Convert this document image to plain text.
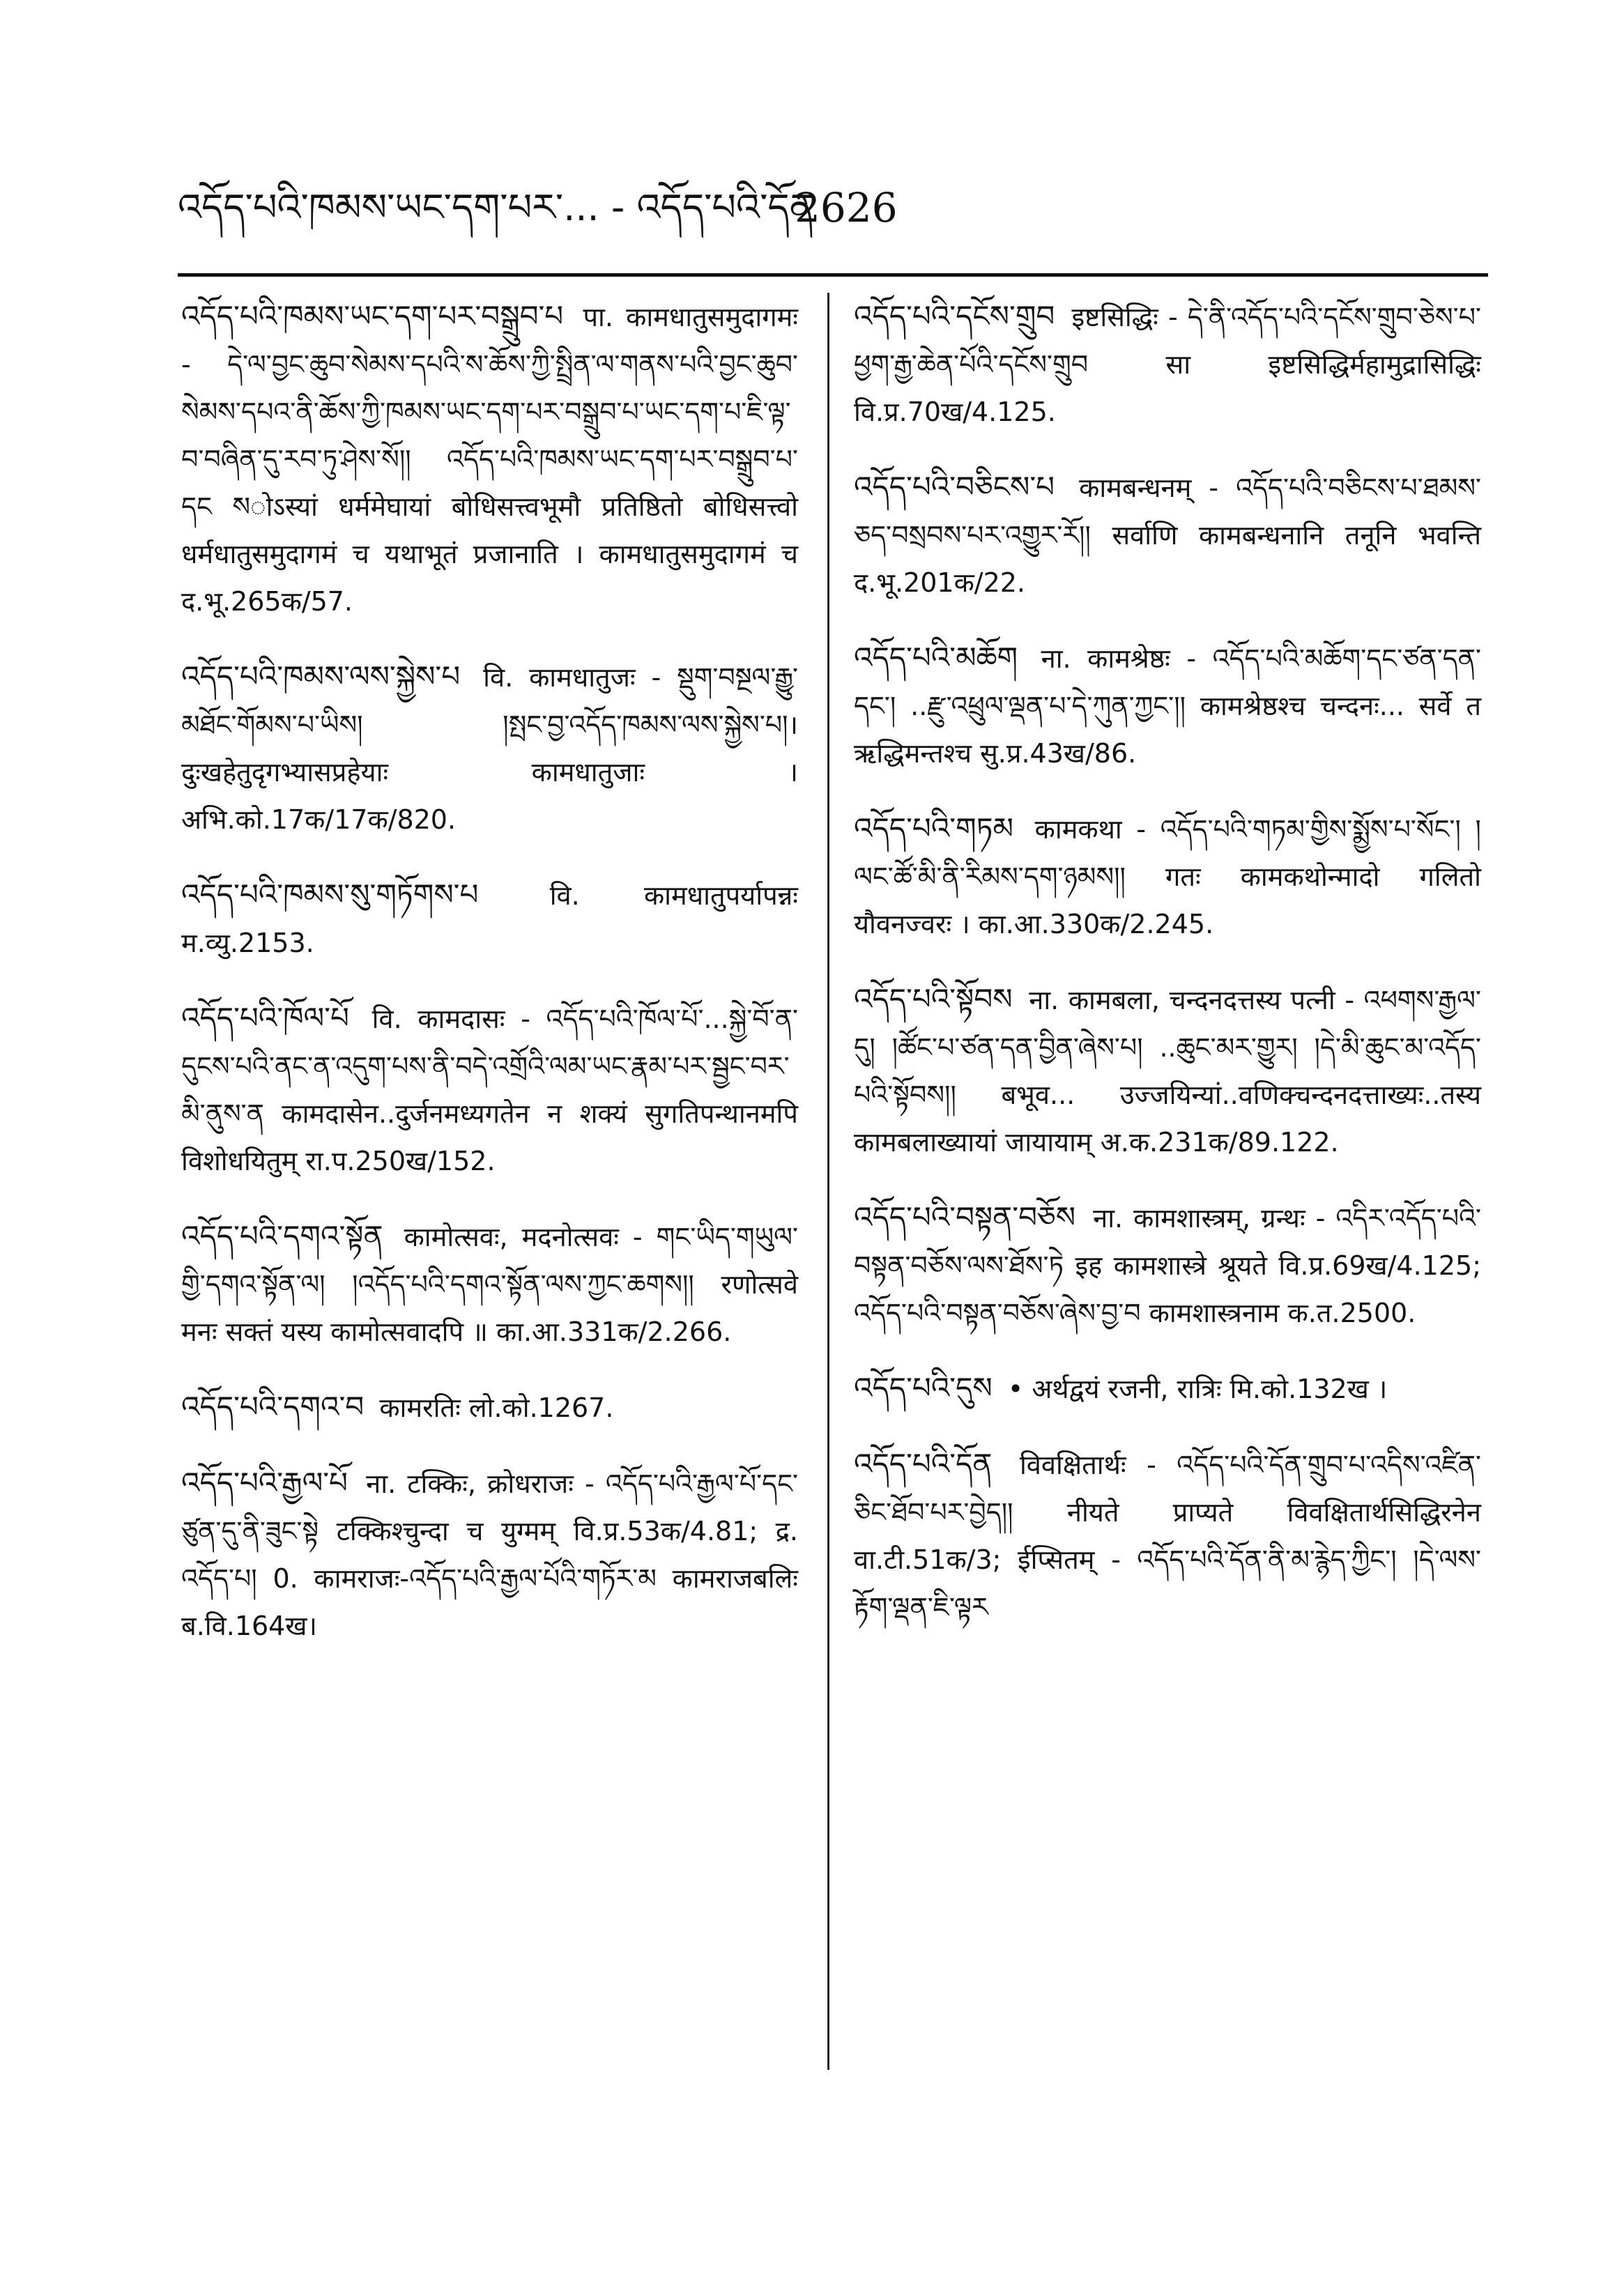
འདོད་པའི་ཁམས་ཡང་དག་པར་... - འདོད་པའི་དོན
2626
འདོད་པའི་ཁམས་ཡང་དག་པར་བསྒྲུབ་པ पा. कामधातुसमुदागमः - དེ་ལ་བྱང་ཆུབ་སེམས་དཔའི་ས་ཆོས་ཀྱི་སྤྲིན་ལ་གནས་པའི་བྱང་ཆུབ་སེམས་དཔའ་ནི་ཆོས་ཀྱི་ཁམས་ཡང་དག་པར་བསྒྲུབ་པ་ཡང་དག་པ་ཇི་ལྟ་བ་བཞིན་དུ་རབ་ཏུ་ཤེས་སོ།། འདོད་པའི་ཁམས་ཡང་དག་པར་བསྒྲུབ་པ་དང སोऽस्यां धर्ममेघायां बोधिसत्त्वभूमौ प्रतिष्ठितो बोधिसत्त्वो धर्मधातुसमुदागमं च यथाभूतं प्रजानाति । कामधातुसमुदागमं च द.भू.265क/57.
འདོད་པའི་ཁམས་ལས་སྐྱེས་པ वि. कामधातुजः - སྡུག་བསྔལ་རྒྱུ་མཐོང་གོམས་པ་ཡིས། །སྤང་བྱ་འདོད་ཁམས་ལས་སྐྱེས་པ།। दुःखहेतुदृगभ्यासप्रहेयाः कामधातुजाः । अभि.को.17क/17क/820.
འདོད་པའི་ཁམས་སུ་གཏོགས་པ	वि. कामधातुपर्यापन्नः म.व्यु.2153.
འདོད་པའི་ཁོལ་པོ वि. कामदासः - འདོད་པའི་ཁོལ་པོ་...སྐྱེ་བོ་ན་དུངས་པའི་ནང་ན་འདུག་པས་ནི་བདེ་འགྲོའི་ལམ་ཡང་རྣམ་པར་སྦྱང་བར་མི་ནུས་ན कामदासेन..दुर्जनमध्यगतेन न शक्यं सुगतिपन्थानमपि विशोधयितुम् रा.प.250ख/152.
འདོད་པའི་དགའ་སྟོན कामोत्सवः, मदनोत्सवः - གང་ཡིད་གཡུལ་གྱི་དགའ་སྟོན་ལ། །འདོད་པའི་དགའ་སྟོན་ལས་ཀྱང་ཆགས།། रणोत्सवे मनः सक्तं यस्य कामोत्सवादपि ॥ का.आ.331क/2.266.
འདོད་པའི་དགའ་བ कामरतिः लो.को.1267.
འདོད་པའི་རྒྱལ་པོ ना. टक्किः, क्रोधराजः - འདོད་པའི་རྒྱལ་པོ་དང་ཙུན་དུ་ནི་ཟུང་སྟེ टक्किश्चुन्दा च युग्मम् वि.प्र.53क/4.81; द्र. འདོད་པ། 0. कामराजः-འདོད་པའི་རྒྱལ་པོའི་གཏོར་མ कामराजबलिः ब.वि.164ख।
འདོད་པའི་དངོས་གྲུབ इष्टसिद्धिः - དེ་ནི་འདོད་པའི་དངོས་གྲུབ་ཅེས་པ་ཕྱག་རྒྱ་ཆེན་པོའི་དངོས་གྲུབ सा इष्टसिद्धिर्महामुद्रासिद्धिः वि.प्र.70ख/4.125.
འདོད་པའི་བཅིངས་པ कामबन्धनम् - འདོད་པའི་བཅིངས་པ་ཐམས་ཅད་བསྲབས་པར་འགྱུར་རོ།། सर्वाणि कामबन्धनानि तनूनि भवन्ति द.भू.201क/22.
འདོད་པའི་མཆོག ना. कामश्रेष्ठः - འདོད་པའི་མཆོག་དང་ཙན་དན་དང་། ..རྫུ་འཕྲུལ་ལྡན་པ་དེ་ཀུན་ཀྱང་།། कामश्रेष्ठश्च चन्दनः... सर्वे त ऋद्धिमन्तश्च सु.प्र.43ख/86.
འདོད་པའི་གཏམ कामकथा - འདོད་པའི་གཏམ་གྱིས་སྨྱོས་པ་སོང་། །ལང་ཚོ་མི་ནི་རིམས་དག་ཉམས།། गतः कामकथोन्मादो गलितो यौवनज्वरः । का.आ.330क/2.245.
འདོད་པའི་སྟོབས ना. कामबला, चन्दनदत्तस्य पत्नी - འཕགས་རྒྱལ་དུ། །ཚོང་པ་ཙན་དན་བྱིན་ཞེས་པ། ..ཆུང་མར་གྱུར། །དེ་མི་ཆུང་མ་འདོད་པའི་སྟོབས།། बभूव... उज्जयिन्यां..वणिक्चन्दनदत्ताख्यः..तस्य कामबलाख्यायां जायायाम् अ.क.231क/89.122.
འདོད་པའི་བསྟན་བཅོས ना. कामशास्त्रम्, ग्रन्थः - འདིར་འདོད་པའི་བསྟན་བཅོས་ལས་ཐོས་ཏེ इह कामशास्त्रे श्रूयते वि.प्र.69ख/4.125; འདོད་པའི་བསྟན་བཅོས་ཞེས་བྱ་བ कामशास्त्रनाम क.त.2500.
འདོད་པའི་དུས • अर्थद्वयं रजनी, रात्रिः मि.को.132ख ।
འདོད་པའི་དོན विवक्षितार्थः - འདོད་པའི་དོན་གྲུབ་པ་འདིས་འཛིན་ཅིང་ཐོབ་པར་བྱེད།། नीयते प्राप्यते विवक्षितार्थसिद्धिरनेन वा.टी.51क/3; ईप्सितम् - འདོད་པའི་དོན་ནི་མ་རྙེད་ཀྱིང་། །དེ་ལས་རྟོག་ལྡན་ཇི་ལྟར
